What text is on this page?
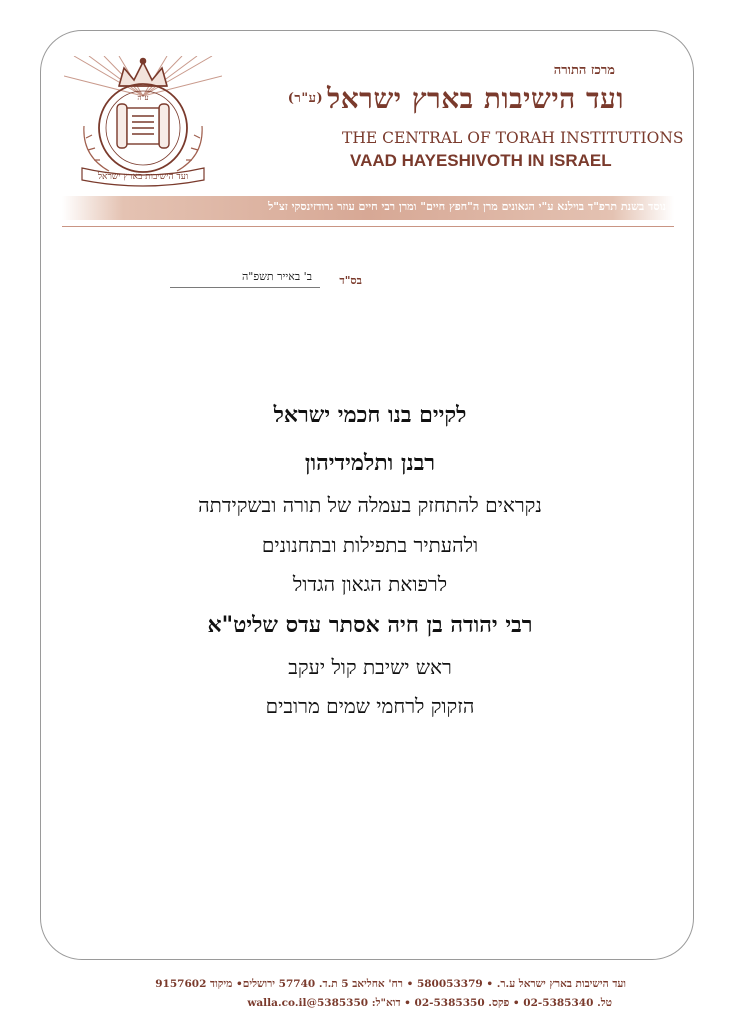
ועד הישיבות בארץ ישראל
ע"ה
מרכז התורה
ועד הישיבות בארץ ישראל$^{(ע"ר)}$
THE CENTRAL OF TORAH INSTITUTIONS
VAAD HAYESHIVOTH IN ISRAEL
נוסד בשנת תרפ"ד בוילנא ע"י הגאונים מרן ה"חפץ חיים" ומרן רבי חיים עוזר גרודזינסקי זצ"ל
בס"ד
ב' באייר תשפ"ה
לקיים בנו חכמי ישראל
רבנן ותלמידיהון
נקראים להתחזק בעמלה של תורה ובשקידתה
ולהעתיר בתפילות ובתחנונים
לרפואת הגאון הגדול
רבי יהודה בן חיה אסתר עדס שליט"א
ראש ישיבת קול יעקב
הזקוק לרחמי שמים מרובים
ועד הישיבות בארץ ישראל ע.ר. • 580053379 • רח' אחליאב 5 ת.ד. 57740 ירושלים• מיקוד 9157602
טל. 02-5385340 • פקס. 02-5385350 • דוא"ל: 5385350@walla.co.il
